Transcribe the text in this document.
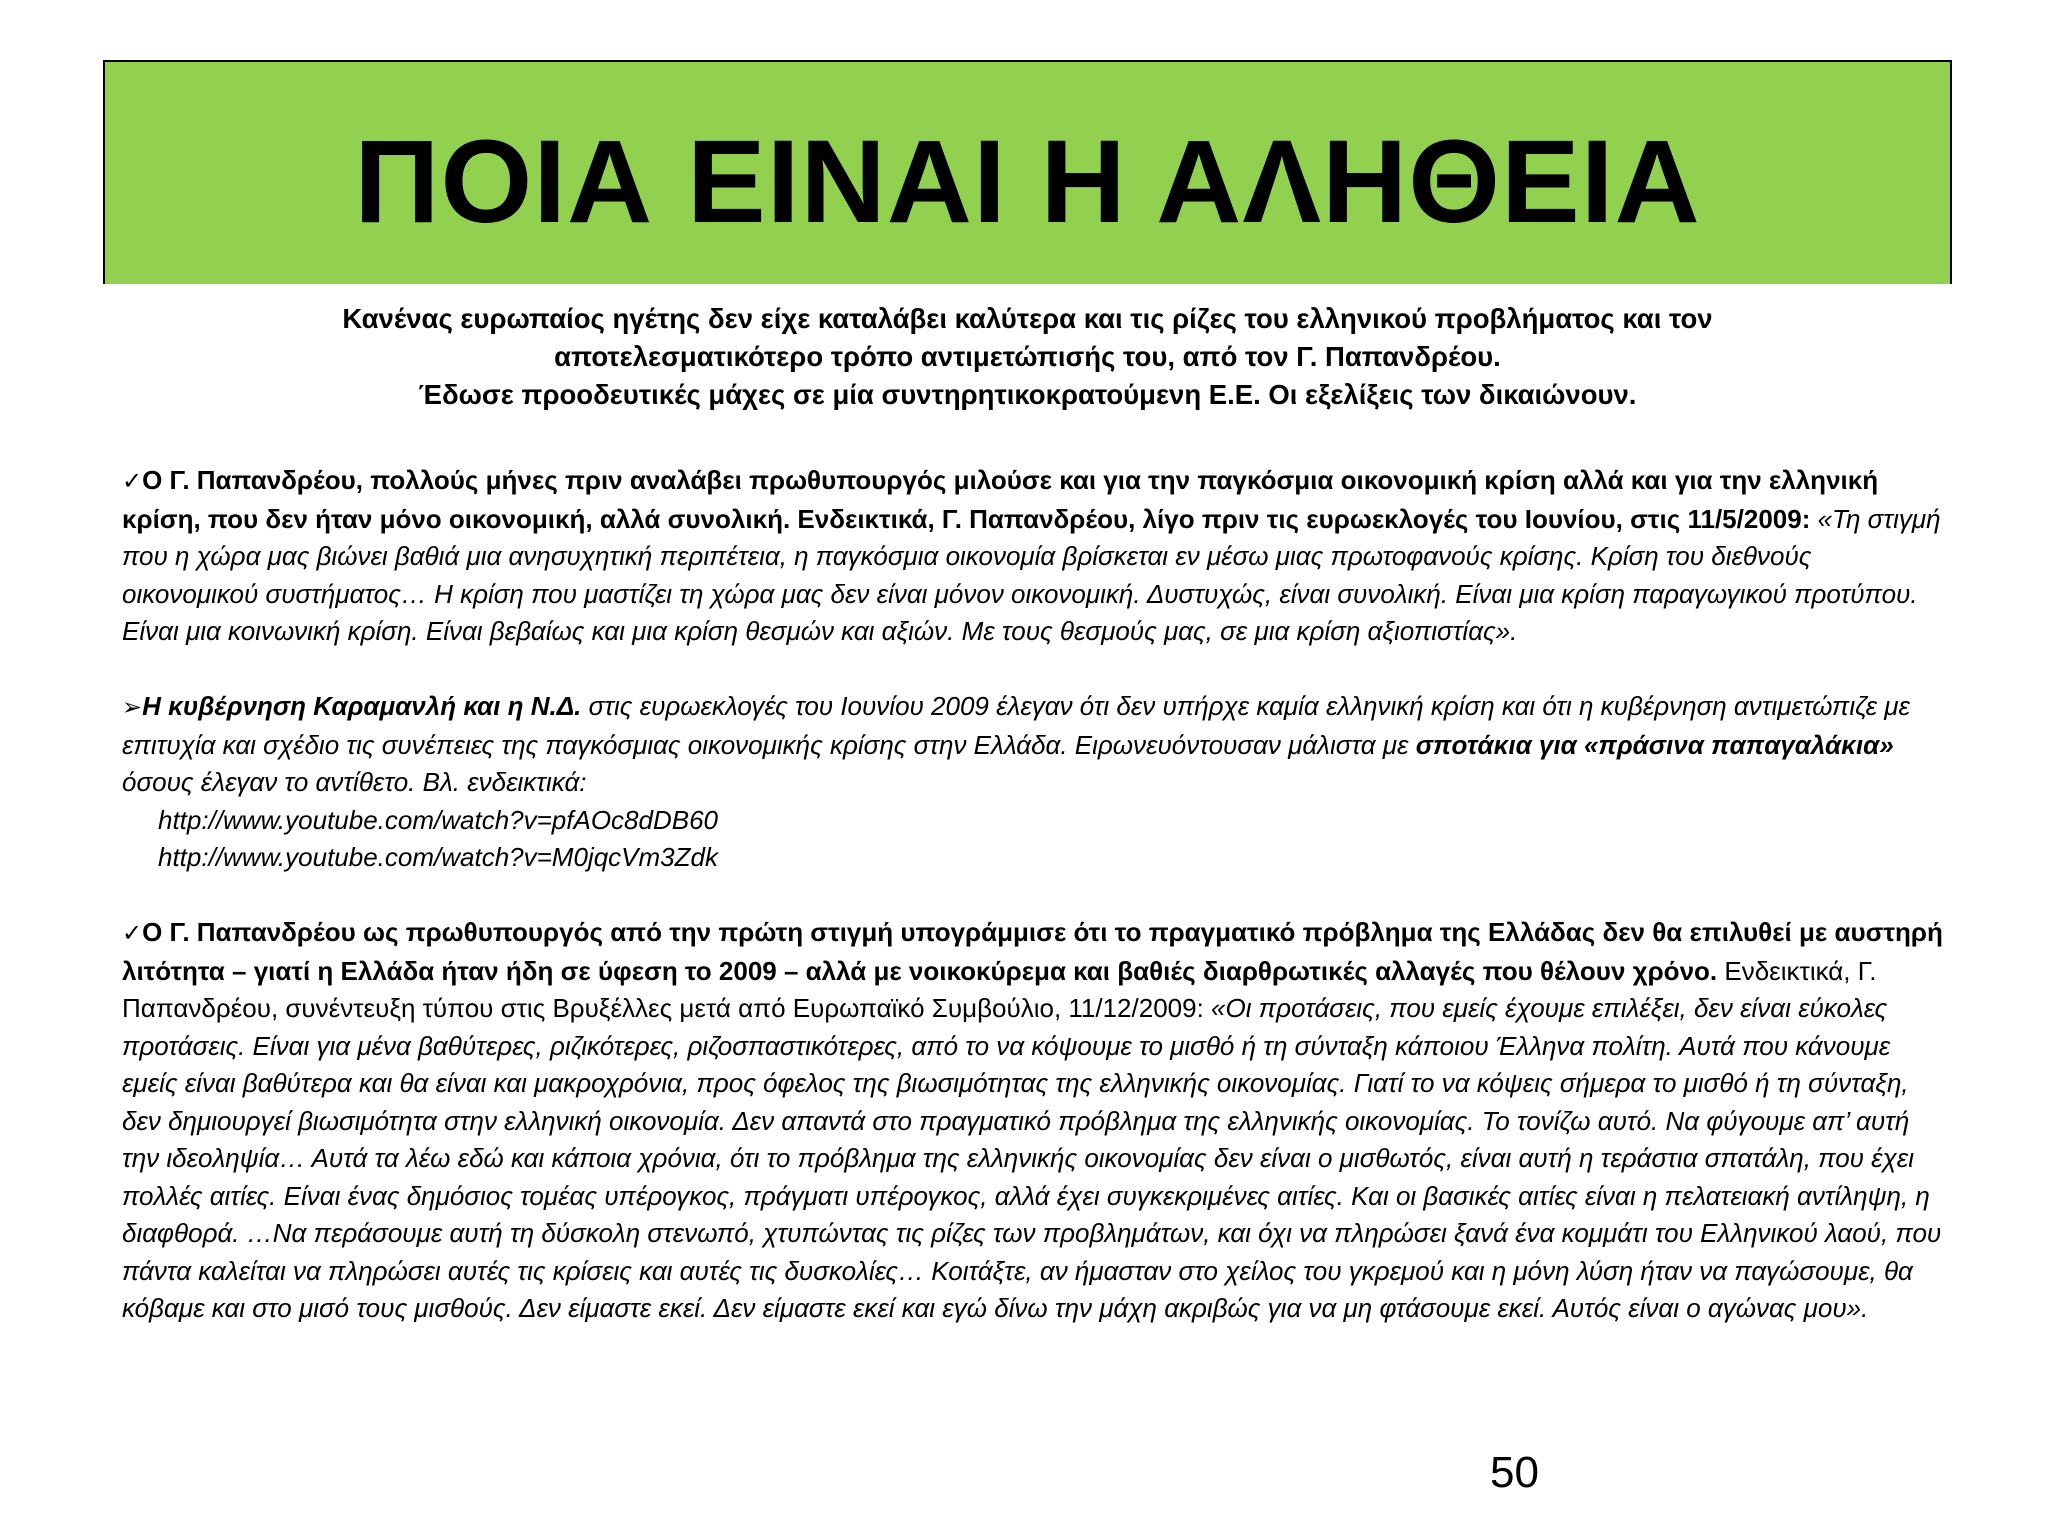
ΠΟΙΑ ΕΙΝΑΙ Η ΑΛΗΘΕΙΑ

Κανένας ευρωπαίος ηγέτης δεν είχε καταλάβει καλύτερα και τις ρίζες του ελληνικού προβλήματος και τον

αποτελεσματικότερο τρόπο αντιμετώπισής του, από τον Γ. Παπανδρέου.

Έδωσε προοδευτικές μάχες σε μία συντηρητικοκρατούμενη Ε.Ε. Οι εξελίξεις των δικαιώνουν.

✓Ο Γ. Παπανδρέου, πολλούς μήνες πριν αναλάβει πρωθυπουργός μιλούσε και για την παγκόσμια οικονομική κρίση αλλά και για την ελληνική κρίση, που δεν ήταν μόνο οικονομική, αλλά συνολική. Ενδεικτικά, Γ. Παπανδρέου, λίγο πριν τις ευρωεκλογές του Ιουνίου, στις 11/5/2009: «Τη στιγμή που η χώρα μας βιώνει βαθιά μια ανησυχητική περιπέτεια, η παγκόσμια οικονομία βρίσκεται εν μέσω μιας πρωτοφανούς κρίσης. Κρίση του διεθνούς οικονομικού συστήματος… Η κρίση που μαστίζει τη χώρα μας δεν είναι μόνον οικονομική. Δυστυχώς, είναι συνολική. Είναι μια κρίση παραγωγικού προτύπου. Είναι μια κοινωνική κρίση. Είναι βεβαίως και μια κρίση θεσμών και αξιών. Με τους θεσμούς μας, σε μια κρίση αξιοπιστίας».

➢Η κυβέρνηση Καραμανλή και η Ν.Δ. στις ευρωεκλογές του Ιουνίου 2009 έλεγαν ότι δεν υπήρχε καμία ελληνική κρίση και ότι η κυβέρνηση αντιμετώπιζε με επιτυχία και σχέδιο τις συνέπειες της παγκόσμιας οικονομικής κρίσης στην Ελλάδα. Ειρωνευόντουσαν μάλιστα με σποτάκια για «πράσινα παπαγαλάκια» όσους έλεγαν το αντίθετο. Βλ. ενδεικτικά:

http://www.youtube.com/watch?v=pfAOc8dDB60

http://www.youtube.com/watch?v=M0jqcVm3Zdk

✓Ο Γ. Παπανδρέου ως πρωθυπουργός από την πρώτη στιγμή υπογράμμισε ότι το πραγματικό πρόβλημα της Ελλάδας δεν θα επιλυθεί με αυστηρή λιτότητα – γιατί η Ελλάδα ήταν ήδη σε ύφεση το 2009 – αλλά με νοικοκύρεμα και βαθιές διαρθρωτικές αλλαγές που θέλουν χρόνο. Ενδεικτικά, Γ. Παπανδρέου, συνέντευξη τύπου στις Βρυξέλλες μετά από Ευρωπαϊκό Συμβούλιο, 11/12/2009: «Οι προτάσεις, που εμείς έχουμε επιλέξει, δεν είναι εύκολες προτάσεις. Είναι για μένα βαθύτερες, ριζικότερες, ριζοσπαστικότερες, από το να κόψουμε το μισθό ή τη σύνταξη κάποιου Έλληνα πολίτη. Αυτά που κάνουμε εμείς είναι βαθύτερα και θα είναι και μακροχρόνια, προς όφελος της βιωσιμότητας της ελληνικής οικονομίας. Γιατί το να κόψεις σήμερα το μισθό ή τη σύνταξη, δεν δημιουργεί βιωσιμότητα στην ελληνική οικονομία. Δεν απαντά στο πραγματικό πρόβλημα της ελληνικής οικονομίας. Το τονίζω αυτό. Να φύγουμε απ’ αυτή την ιδεοληψία… Αυτά τα λέω εδώ και κάποια χρόνια, ότι το πρόβλημα της ελληνικής οικονομίας δεν είναι ο μισθωτός, είναι αυτή η τεράστια σπατάλη, που έχει πολλές αιτίες. Είναι ένας δημόσιος τομέας υπέρογκος, πράγματι υπέρογκος, αλλά έχει συγκεκριμένες αιτίες. Και οι βασικές αιτίες είναι η πελατειακή αντίληψη, η διαφθορά. …Να περάσουμε αυτή τη δύσκολη στενωπό, χτυπώντας τις ρίζες των προβλημάτων, και όχι να πληρώσει ξανά ένα κομμάτι του Ελληνικού λαού, που πάντα καλείται να πληρώσει αυτές τις κρίσεις και αυτές τις δυσκολίες… Κοιτάξτε, αν ήμασταν στο χείλος του γκρεμού και η μόνη λύση ήταν να παγώσουμε, θα κόβαμε και στο μισό τους μισθούς. Δεν είμαστε εκεί. Δεν είμαστε εκεί και εγώ δίνω την μάχη ακριβώς για να μη φτάσουμε εκεί. Αυτός είναι ο αγώνας μου».

50
